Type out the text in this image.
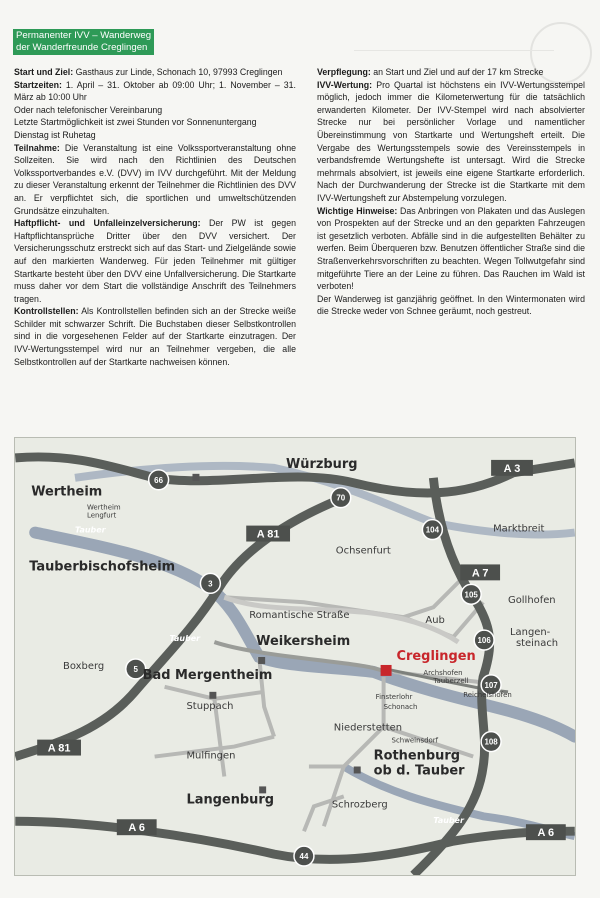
Permanenter IVV – Wanderweg
der Wanderfreunde Creglingen

Start und Ziel: Gasthaus zur Linde, Schonach 10, 97993 Creglingen

Startzeiten: 1. April – 31. Oktober ab 09:00 Uhr; 1. November – 31. März ab 10:00 Uhr

Oder nach telefonischer Vereinbarung

Letzte Startmöglichkeit ist zwei Stunden vor Sonnenuntergang

Dienstag ist Ruhetag

Teilnahme: Die Veranstaltung ist eine Volkssportveranstaltung ohne Sollzeiten. Sie wird nach den Richtlinien des Deutschen Volkssportverbandes e.V. (DVV) im IVV durchgeführt. Mit der Meldung zu dieser Veranstaltung erkennt der Teilnehmer die Richtlinien des DVV an. Er verpflichtet sich, die sportlichen und umweltschützenden Grundsätze einzuhalten.

Haftpflicht- und Unfalleinzelversicherung: Der PW ist gegen Haftpflichtansprüche Dritter über den DVV versichert. Der Versicherungsschutz erstreckt sich auf das Start- und Zielgelände sowie auf den markierten Wanderweg. Für jeden Teilnehmer mit gültiger Startkarte besteht über den DVV eine Unfallversicherung. Die Startkarte muss daher vor dem Start die vollständige Anschrift des Teilnehmers tragen.

Kontrollstellen: Als Kontrollstellen befinden sich an der Strecke weiße Schilder mit schwarzer Schrift. Die Buchstaben dieser Selbstkontrollen sind in die vorgesehenen Felder auf der Startkarte einzutragen. Der IVV-Wertungsstempel wird nur an Teilnehmer vergeben, die alle Selbstkontrollen auf der Startkarte nachweisen können.

Verpflegung: an Start und Ziel und auf der 17 km Strecke

IVV-Wertung: Pro Quartal ist höchstens ein IVV-Wertungsstempel möglich, jedoch immer die Kilometerwertung für die tatsächlich erwanderten Kilometer. Der IVV-Stempel wird nach absolvierter Strecke nur bei persönlicher Vorlage und namentlicher Übereinstimmung von Startkarte und Wertungsheft erteilt. Die Vergabe des Wertungsstempels sowie des Vereinsstempels in verbandsfremde Wertungshefte ist untersagt. Wird die Strecke mehrmals absolviert, ist jeweils eine eigene Startkarte erforderlich. Nach der Durchwanderung der Strecke ist die Startkarte mit dem IVV-Wertungsheft zur Abstempelung vorzulegen.

Wichtige Hinweise: Das Anbringen von Plakaten und das Auslegen von Prospekten auf der Strecke und an den geparkten Fahrzeugen ist gesetzlich verboten. Abfälle sind in die aufgestellten Behälter zu werfen. Beim Überqueren bzw. Benutzen öffentlicher Straße sind die Straßenverkehrsvorschriften zu beachten. Wegen Tollwutgefahr sind mitgeführte Tiere an der Leine zu führen. Das Rauchen im Wald ist verboten!

Der Wanderweg ist ganzjährig geöffnet. In den Wintermonaten wird die Strecke weder von Schnee geräumt, noch gestreut.

A 3
A 81
A 7
A 81
A 6	A 6
66
70
104
105
106
107
108
3
5
44
Würzburg
Wertheim
Wertheim Lengfurt
Tauberbischofsheim
Ochsenfurt
Marktbreit
Gollhofen
Langen-steinach
Aub
Romantische Straße
Weikersheim
Creglingen
Archshofen
Tauberzell
Reichelshofen
Finsterlohr
Schonach
Boxberg
Bad Mergentheim
Stuppach
Niederstetten
Schweinsdorf
Rothenburg ob d. Tauber
Mulfingen
Schrozberg
Langenburg
Tauber
Tauber
Tauber
